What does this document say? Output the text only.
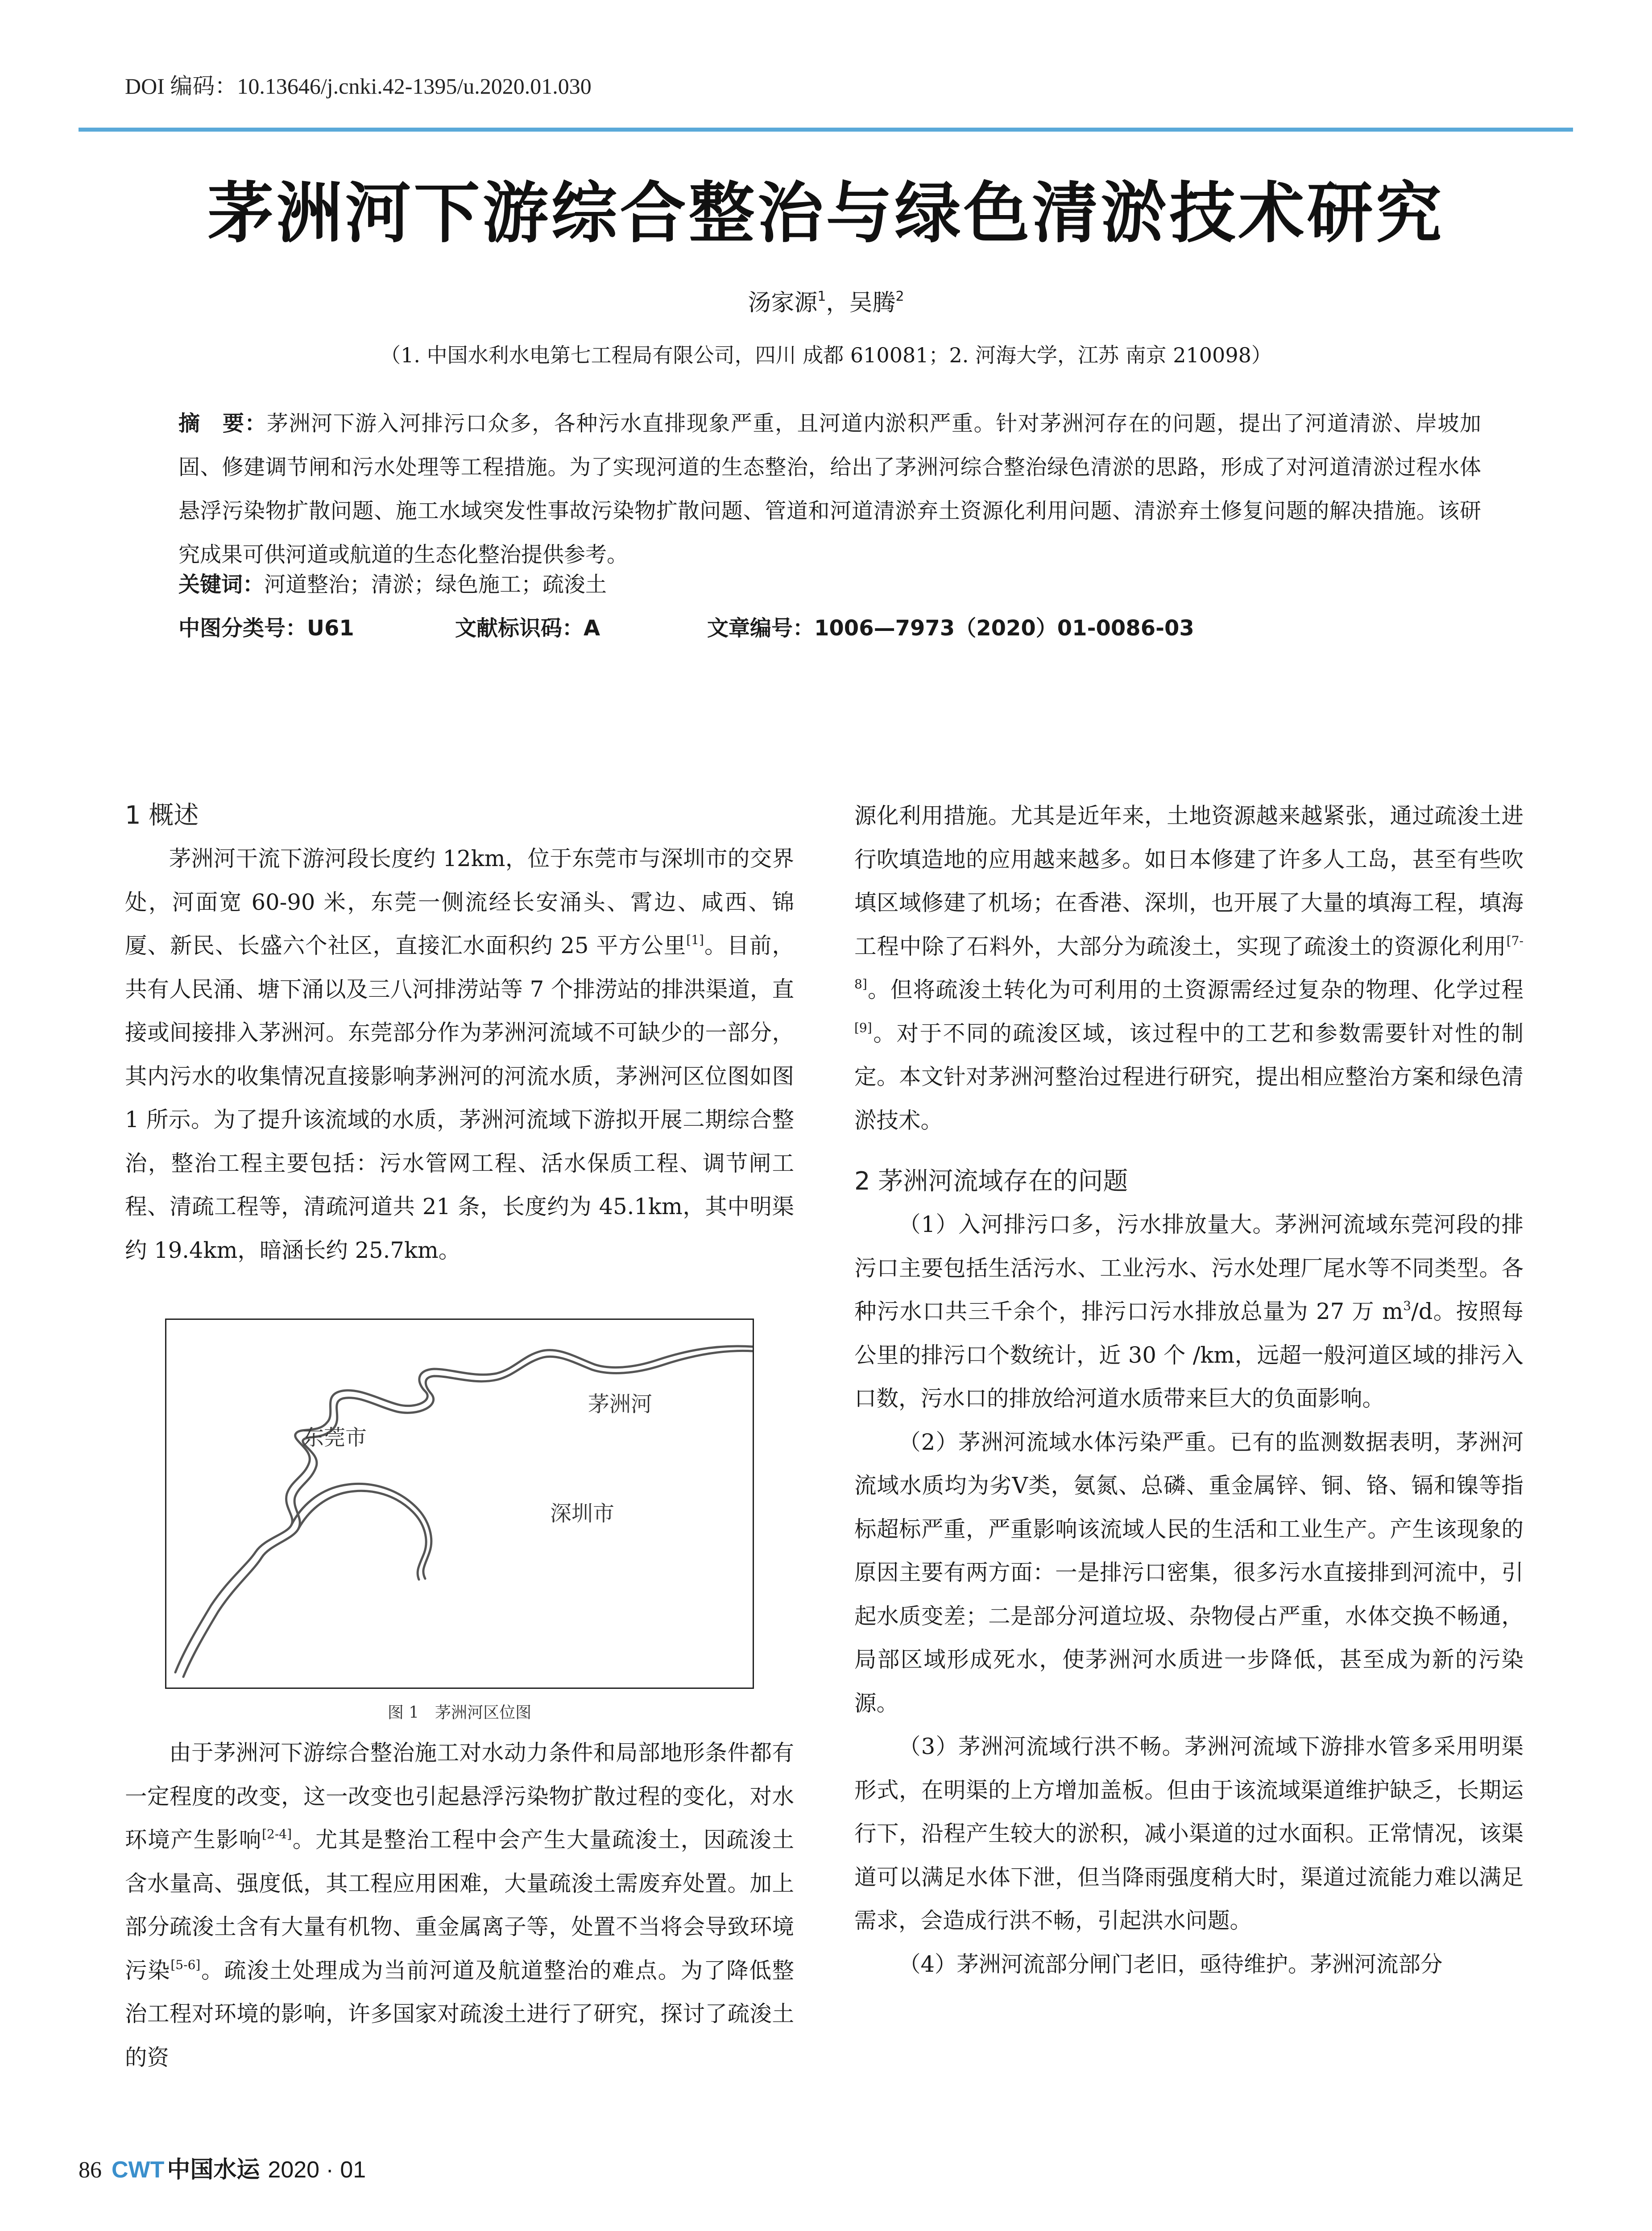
DOI 编码：10.13646/j.cnki.42-1395/u.2020.01.030
茅洲河下游综合整治与绿色清淤技术研究
汤家源$^1$，吴腾$^2$
（1. 中国水利水电第七工程局有限公司，四川 成都 610081；2. 河海大学，江苏 南京 210098）
摘　要：茅洲河下游入河排污口众多，各种污水直排现象严重，且河道内淤积严重。针对茅洲河存在的问题，提出了河道清淤、岸坡加固、修建调节闸和污水处理等工程措施。为了实现河道的生态整治，给出了茅洲河综合整治绿色清淤的思路，形成了对河道清淤过程水体悬浮污染物扩散问题、施工水域突发性事故污染物扩散问题、管道和河道清淤弃土资源化利用问题、清淤弃土修复问题的解决措施。该研究成果可供河道或航道的生态化整治提供参考。
关键词：河道整治；清淤；绿色施工；疏浚土
中图分类号：U61	文献标识码：A	文章编号：1006—7973（2020）01-0086-03
1 概述

茅洲河干流下游河段长度约 12km，位于东莞市与深圳市的交界处，河面宽 60-90 米，东莞一侧流经长安涌头、霄边、咸西、锦厦、新民、长盛六个社区，直接汇水面积约 25 平方公里[1]。目前，共有人民涌、塘下涌以及三八河排涝站等 7 个排涝站的排洪渠道，直接或间接排入茅洲河。东莞部分作为茅洲河流域不可缺少的一部分，其内污水的收集情况直接影响茅洲河的河流水质，茅洲河区位图如图 1 所示。为了提升该流域的水质，茅洲河流域下游拟开展二期综合整治，整治工程主要包括：污水管网工程、活水保质工程、调节闸工程、清疏工程等，清疏河道共 21 条，长度约为 45.1km，其中明渠约 19.4km，暗涵长约 25.7km。

茅洲河
东莞市
深圳市
图 1　茅洲河区位图

由于茅洲河下游综合整治施工对水动力条件和局部地形条件都有一定程度的改变，这一改变也引起悬浮污染物扩散过程的变化，对水环境产生影响[2-4]。尤其是整治工程中会产生大量疏浚土，因疏浚土含水量高、强度低，其工程应用困难，大量疏浚土需废弃处置。加上部分疏浚土含有大量有机物、重金属离子等，处置不当将会导致环境污染[5-6]。疏浚土处理成为当前河道及航道整治的难点。为了降低整治工程对环境的影响，许多国家对疏浚土进行了研究，探讨了疏浚土的资

源化利用措施。尤其是近年来，土地资源越来越紧张，通过疏浚土进行吹填造地的应用越来越多。如日本修建了许多人工岛，甚至有些吹填区域修建了机场；在香港、深圳，也开展了大量的填海工程，填海工程中除了石料外，大部分为疏浚土，实现了疏浚土的资源化利用[7-8]。但将疏浚土转化为可利用的土资源需经过复杂的物理、化学过程[9]。对于不同的疏浚区域，该过程中的工艺和参数需要针对性的制定。本文针对茅洲河整治过程进行研究，提出相应整治方案和绿色清淤技术。

2 茅洲河流域存在的问题

（1）入河排污口多，污水排放量大。茅洲河流域东莞河段的排污口主要包括生活污水、工业污水、污水处理厂尾水等不同类型。各种污水口共三千余个，排污口污水排放总量为 27 万 $m^3/d$。按照每公里的排污口个数统计，近 30 个 /km，远超一般河道区域的排污入口数，污水口的排放给河道水质带来巨大的负面影响。

（2）茅洲河流域水体污染严重。已有的监测数据表明，茅洲河流域水质均为劣Ⅴ类，氨氮、总磷、重金属锌、铜、铬、镉和镍等指标超标严重，严重影响该流域人民的生活和工业生产。产生该现象的原因主要有两方面：一是排污口密集，很多污水直接排到河流中，引起水质变差；二是部分河道垃圾、杂物侵占严重，水体交换不畅通，局部区域形成死水，使茅洲河水质进一步降低，甚至成为新的污染源。

（3）茅洲河流域行洪不畅。茅洲河流域下游排水管多采用明渠形式，在明渠的上方增加盖板。但由于该流域渠道维护缺乏，长期运行下，沿程产生较大的淤积，减小渠道的过水面积。正常情况，该渠道可以满足水体下泄，但当降雨强度稍大时，渠道过流能力难以满足需求，会造成行洪不畅，引起洪水问题。

（4）茅洲河流部分闸门老旧，亟待维护。茅洲河流部分

86 CWT 中国水运 2020 · 01
